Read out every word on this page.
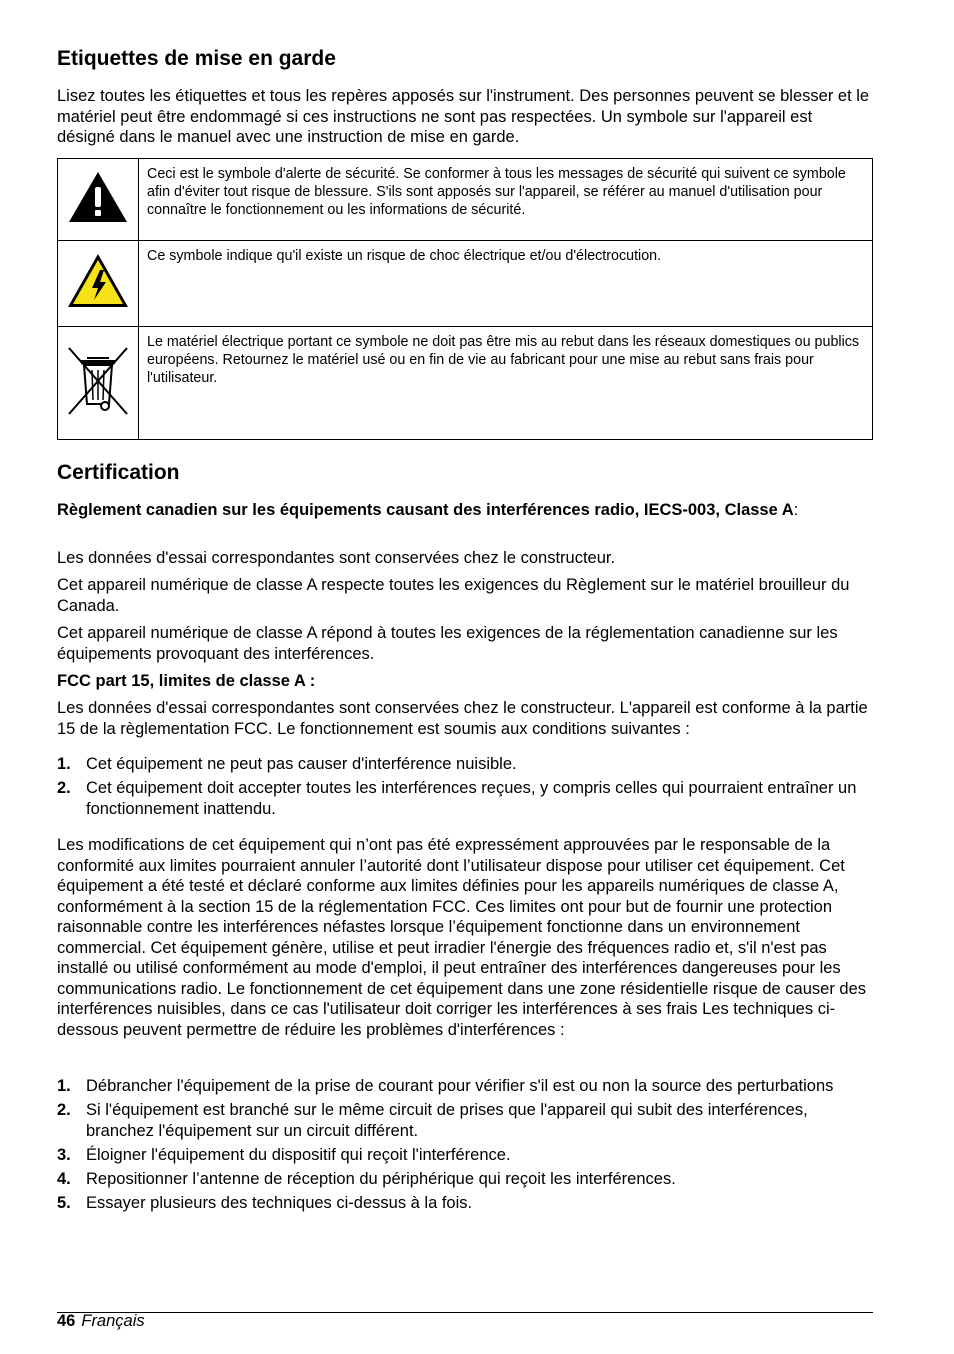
Etiquettes de mise en garde

Lisez toutes les étiquettes et tous les repères apposés sur l'instrument. Des personnes peuvent se blesser et le matériel peut être endommagé si ces instructions ne sont pas respectées. Un symbole sur l'appareil est désigné dans le manuel avec une instruction de mise en garde.

	Ceci est le symbole d'alerte de sécurité. Se conformer à tous les messages de sécurité qui suivent ce symbole afin d'éviter tout risque de blessure. S'ils sont apposés sur l'appareil, se référer au manuel d'utilisation pour connaître le fonctionnement ou les informations de sécurité.
	Ce symbole indique qu'il existe un risque de choc électrique et/ou d'électrocution.
	Le matériel électrique portant ce symbole ne doit pas être mis au rebut dans les réseaux domestiques ou publics européens. Retournez le matériel usé ou en fin de vie au fabricant pour une mise au rebut sans frais pour l'utilisateur.
Certification

Règlement canadien sur les équipements causant des interférences radio, IECS-003, Classe A:

Les données d'essai correspondantes sont conservées chez le constructeur.

Cet appareil numérique de classe A respecte toutes les exigences du Règlement sur le matériel brouilleur du Canada.

Cet appareil numérique de classe A répond à toutes les exigences de la réglementation canadienne sur les équipements provoquant des interférences.

FCC part 15, limites de classe A :

Les données d'essai correspondantes sont conservées chez le constructeur. L'appareil est conforme à la partie 15 de la règlementation FCC. Le fonctionnement est soumis aux conditions suivantes :

1. Cet équipement ne peut pas causer d'interférence nuisible.
2. Cet équipement doit accepter toutes les interférences reçues, y compris celles qui pourraient entraîner un fonctionnement inattendu.

Les modifications de cet équipement qui n’ont pas été expressément approuvées par le responsable de la conformité aux limites pourraient annuler l’autorité dont l’utilisateur dispose pour utiliser cet équipement. Cet équipement a été testé et déclaré conforme aux limites définies pour les appareils numériques de classe A, conformément à la section 15 de la réglementation FCC. Ces limites ont pour but de fournir une protection raisonnable contre les interférences néfastes lorsque l’équipement fonctionne dans un environnement commercial. Cet équipement génère, utilise et peut irradier l'énergie des fréquences radio et, s'il n'est pas installé ou utilisé conformément au mode d'emploi, il peut entraîner des interférences dangereuses pour les communications radio. Le fonctionnement de cet équipement dans une zone résidentielle risque de causer des interférences nuisibles, dans ce cas l'utilisateur doit corriger les interférences à ses frais Les techniques ci-dessous peuvent permettre de réduire les problèmes d'interférences :

1. Débrancher l'équipement de la prise de courant pour vérifier s'il est ou non la source des perturbations
2. Si l'équipement est branché sur le même circuit de prises que l'appareil qui subit des interférences, branchez l'équipement sur un circuit différent.
3. Éloigner l'équipement du dispositif qui reçoit l'interférence.
4. Repositionner l’antenne de réception du périphérique qui reçoit les interférences.
5. Essayer plusieurs des techniques ci-dessus à la fois.
46 Français
